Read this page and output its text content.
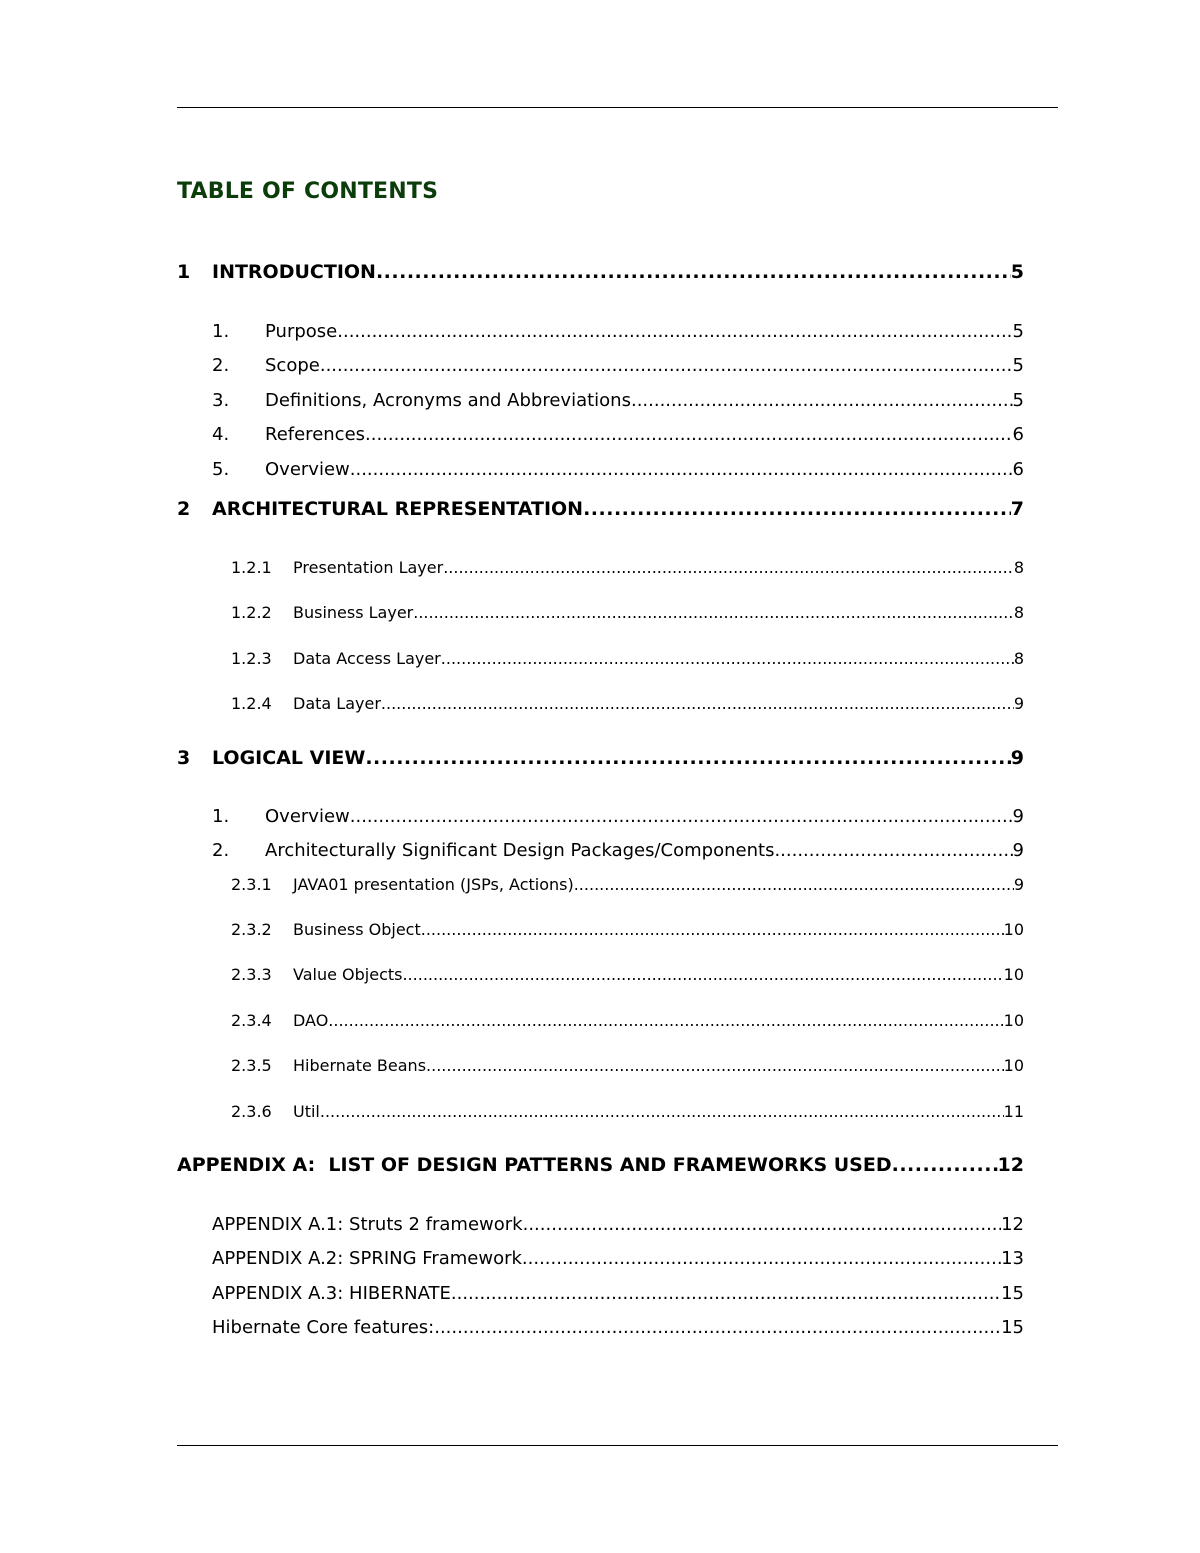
TABLE OF CONTENTS
1	INTRODUCTION .....	5
1.	Purpose .....	5
2.	Scope .....	5
3.	Definitions, Acronyms and Abbreviations .....	5
4.	References .....	6
5.	Overview .....	6
2	ARCHITECTURAL REPRESENTATION .....	7
1.2.1	Presentation Layer .....	8
1.2.2	Business Layer .....	8
1.2.3	Data Access Layer .....	8
1.2.4	Data Layer .....	9
3	LOGICAL VIEW .....	9
1.	Overview .....	9
2.	Architecturally Significant Design Packages/Components .....	9
2.3.1	JAVA01 presentation (JSPs, Actions) .....	9
2.3.2	Business Object .....	10
2.3.3	Value Objects .....	10
2.3.4	DAO .....	10
2.3.5	Hibernate Beans .....	10
2.3.6	Util .....	11
APPENDIX A:  LIST OF DESIGN PATTERNS AND FRAMEWORKS USED .....	12
APPENDIX A.1: Struts 2 framework .....	12
APPENDIX A.2: SPRING Framework .....	13
APPENDIX A.3: HIBERNATE .....	15
Hibernate Core features: .....	15
